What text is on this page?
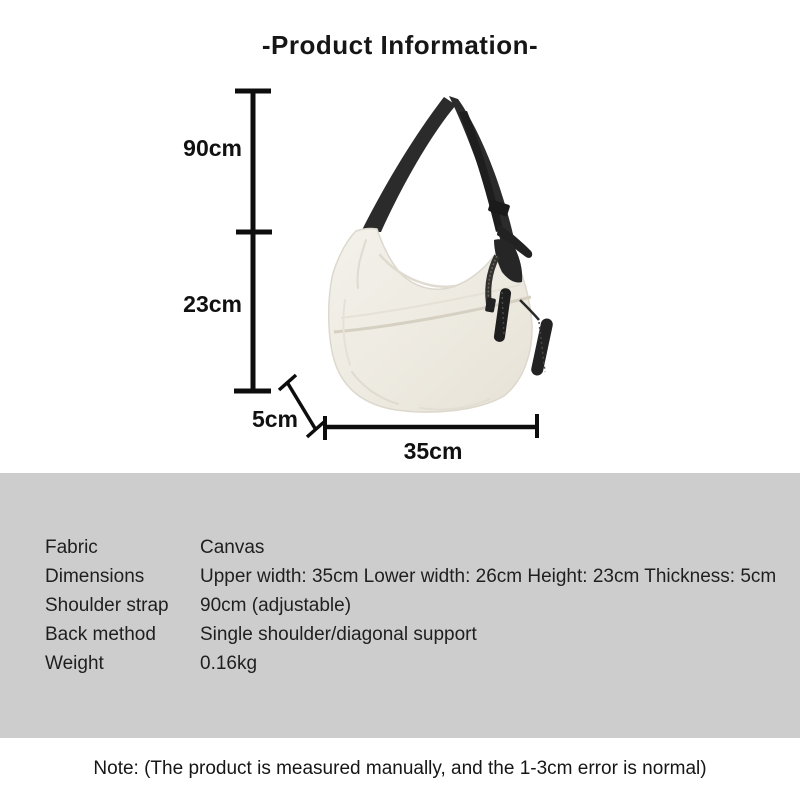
-Product Information-
90cm
23cm
5cm
35cm
Fabric	Canvas
Dimensions	Upper width: 35cm Lower width: 26cm Height: 23cm Thickness: 5cm
Shoulder strap	90cm (adjustable)
Back method	Single shoulder/diagonal support
Weight	0.16kg
Note: (The product is measured manually, and the 1-3cm error is normal)
